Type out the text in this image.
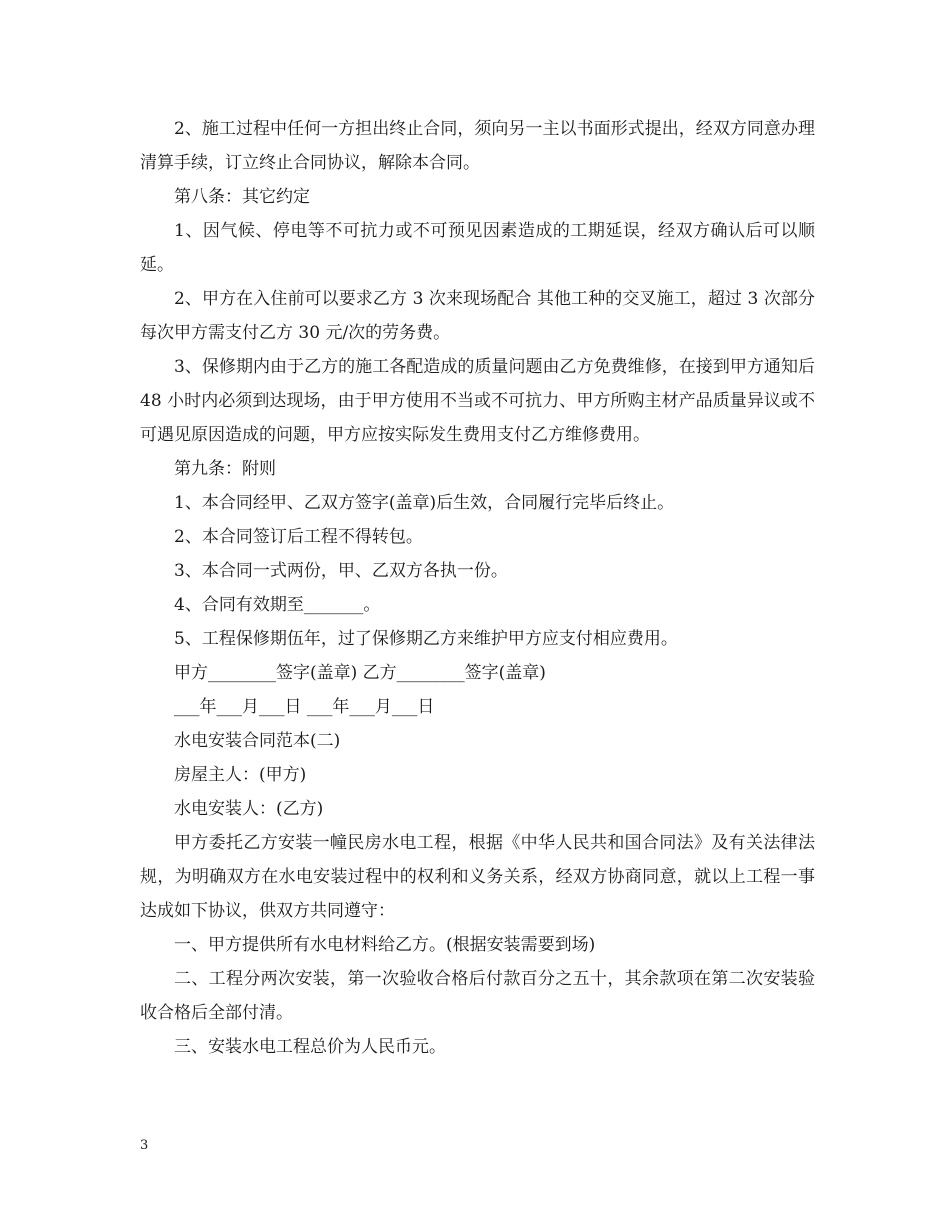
2、施工过程中任何一方担出终止合同，须向另一主以书面形式提出，经双方同意办理清算手续，订立终止合同协议，解除本合同。

第八条：其它约定

1、因气候、停电等不可抗力或不可预见因素造成的工期延误，经双方确认后可以顺延。

2、甲方在入住前可以要求乙方 3 次来现场配合 其他工种的交叉施工，超过 3 次部分每次甲方需支付乙方 30 元/次的劳务费。

3、保修期内由于乙方的施工各配造成的质量问题由乙方免费维修，在接到甲方通知后 48 小时内必须到达现场，由于甲方使用不当或不可抗力、甲方所购主材产品质量异议或不可遇见原因造成的问题，甲方应按实际发生费用支付乙方维修费用。

第九条：附则

1、本合同经甲、乙双方签字(盖章)后生效，合同履行完毕后终止。

2、本合同签订后工程不得转包。

3、本合同一式两份，甲、乙双方各执一份。

4、合同有效期至_______。

5、工程保修期伍年，过了保修期乙方来维护甲方应支付相应费用。

甲方________签字(盖章) 乙方________签字(盖章)

___年___月___日 ___年___月___日

水电安装合同范本(二)

房屋主人：(甲方)

水电安装人：(乙方)

甲方委托乙方安装一幢民房水电工程，根据《中华人民共和国合同法》及有关法律法规，为明确双方在水电安装过程中的权利和义务关系，经双方协商同意，就以上工程一事达成如下协议，供双方共同遵守：

一、甲方提供所有水电材料给乙方。(根据安装需要到场)

二、工程分两次安装，第一次验收合格后付款百分之五十，其余款项在第二次安装验收合格后全部付清。

三、安装水电工程总价为人民币元。

3
